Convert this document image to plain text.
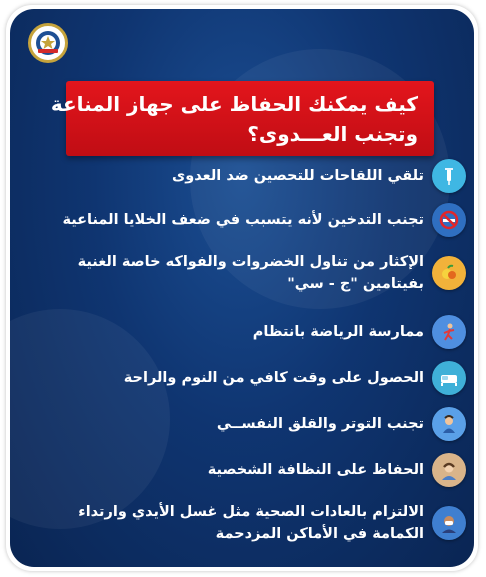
كيف يمكنك الحفاظ على جهاز المناعة
وتجنب العـــدوى؟
تلقي اللقاحات للتحصين ضد العدوى
تجنب التدخين لأنه يتسبب في ضعف الخلايا المناعية
الإكثار من تناول الخضروات والفواكه خاصة الغنية
بفيتامين "ج - سي"
ممارسة الرياضة بانتظام
الحصول على وقت كافي من النوم والراحة
تجنب التوتر والقلق النفســي
الحفاظ على النظافة الشخصية
الالتزام بالعادات الصحية مثل غسل الأيدي وارتداء
الكمامة في الأماكن المزدحمة
